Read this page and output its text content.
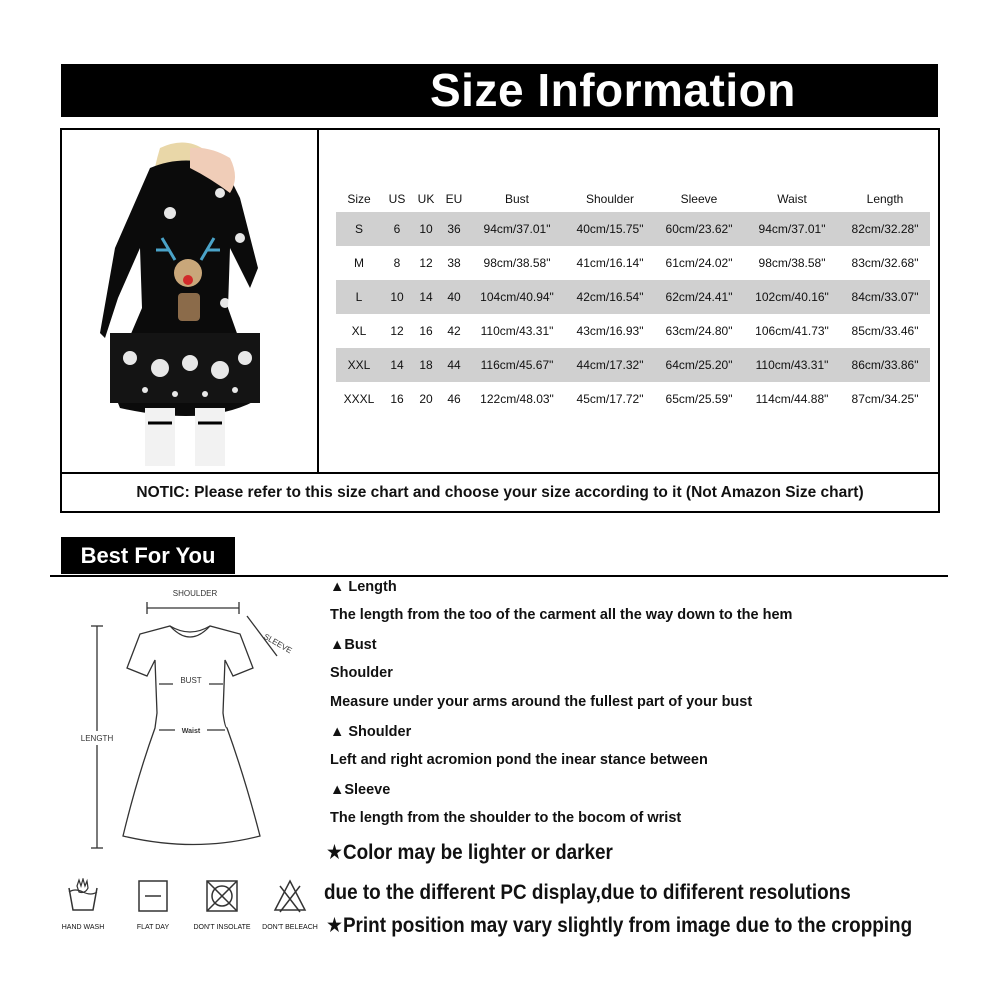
Size Information
Size	US	UK	EU	Bust	Shoulder	Sleeve	Waist	Length
S	6	10	36	94cm/37.01"	40cm/15.75"	60cm/23.62"	94cm/37.01"	82cm/32.28"
M	8	12	38	98cm/38.58"	41cm/16.14"	61cm/24.02"	98cm/38.58"	83cm/32.68"
L	10	14	40	104cm/40.94"	42cm/16.54"	62cm/24.41"	102cm/40.16"	84cm/33.07"
XL	12	16	42	110cm/43.31"	43cm/16.93"	63cm/24.80"	106cm/41.73"	85cm/33.46"
XXL	14	18	44	116cm/45.67"	44cm/17.32"	64cm/25.20"	110cm/43.31"	86cm/33.86"
XXXL	16	20	46	122cm/48.03"	45cm/17.72"	65cm/25.59"	114cm/44.88"	87cm/34.25"
NOTIC: Please refer to this size chart and choose your size according to it (Not Amazon Size chart)
Best For You
SHOULDER
SLEEVE
BUST
Waist
LENGTH
▲ Length
The length from the too of the carment all the way down to the hem
▲Bust
Shoulder
Measure under your arms around the fullest part of your bust
▲ Shoulder
Left and right acromion pond the inear stance between
▲Sleeve
The length from the shoulder to the bocom of wrist
★Color may be lighter or darker
due to the different PC display,due to dififerent resolutions
★Print position may vary slightly from image due to the cropping
HAND WASH	FLAT DAY	DON'T INSOLATE	DON'T BELEACH
